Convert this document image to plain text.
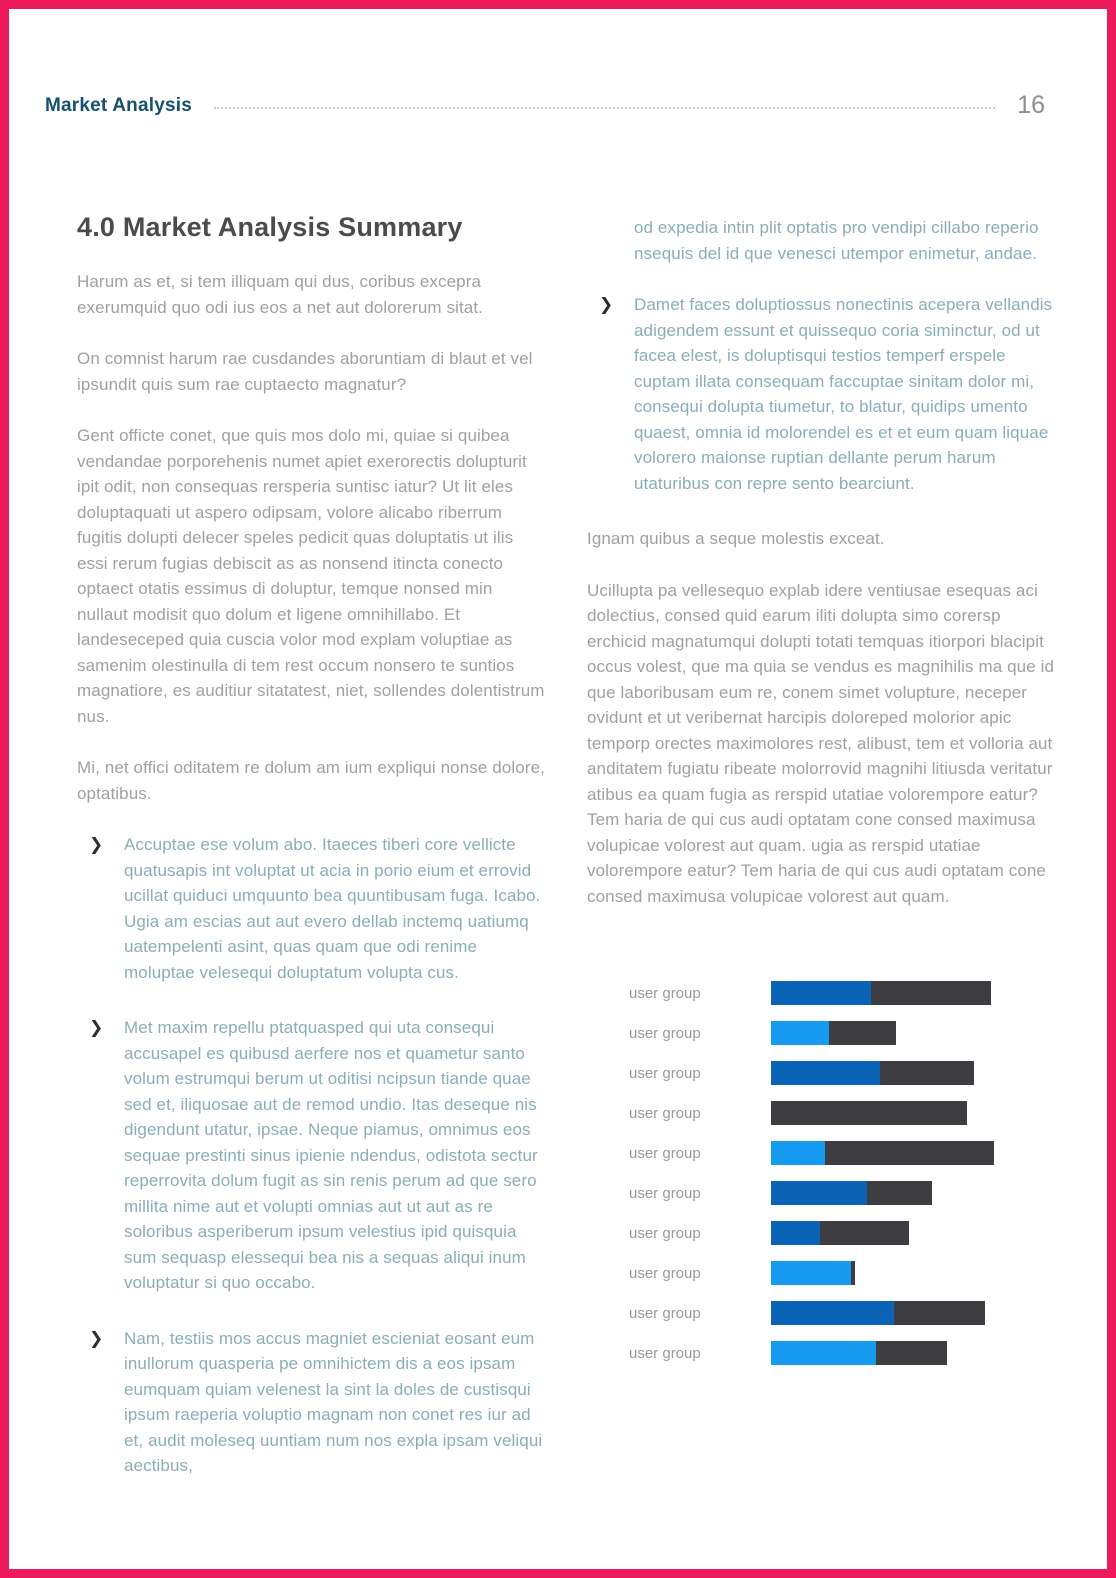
Market Analysis	16
4.0 Market Analysis Summary

Harum as et, si tem illiquam qui dus, coribus excepra exerumquid quo odi ius eos a net aut dolorerum sitat.

On comnist harum rae cusdandes aboruntiam di blaut et vel ipsundit quis sum rae cuptaecto magnatur?

Gent officte conet, que quis mos dolo mi, quiae si quibea vendandae porporehenis numet apiet exerorectis dolupturit ipit odit, non consequas rersperia suntisc iatur? Ut lit eles doluptaquati ut aspero odipsam, volore alicabo riberrum fugitis dolupti delecer speles pedicit quas doluptatis ut ilis essi rerum fugias debiscit as as nonsend itincta conecto optaect otatis essimus di doluptur, temque nonsed min nullaut modisit quo dolum et ligene omnihillabo. Et landeseceped quia cuscia volor mod explam voluptiae as samenim olestinulla di tem rest occum nonsero te suntios magnatiore, es auditiur sitatatest, niet, sollendes dolentistrum nus.

Mi, net offici oditatem re dolum am ium expliqui nonse dolore, optatibus.

❯	Accuptae ese volum abo. Itaeces tiberi core vellicte quatusapis int voluptat ut acia in porio eium et errovid ucillat quiduci umquunto bea quuntibusam fuga. Icabo. Ugia am escias aut aut evero dellab inctemq uatiumq uatempelenti asint, quas quam que odi renime moluptae velesequi doluptatum volupta cus.
❯	Met maxim repellu ptatquasped qui uta consequi accusapel es quibusd aerfere nos et quametur santo volum estrumqui berum ut oditisi ncipsun tiande quae sed et, iliquosae aut de remod undio. Itas deseque nis digendunt utatur, ipsae. Neque piamus, omnimus eos sequae prestinti sinus ipienie ndendus, odistota sectur reperrovita dolum fugit as sin renis perum ad que sero millita nime aut et volupti omnias aut ut aut as re soloribus asperiberum ipsum velestius ipid quisquia sum sequasp elessequi bea nis a sequas aliqui inum voluptatur si quo occabo.
❯	Nam, testiis mos accus magniet escieniat eosant eum inullorum quasperia pe omnihictem dis a eos ipsam eumquam quiam velenest la sint la doles de custisqui ipsum raeperia voluptio magnam non conet res iur ad et, audit moleseq uuntiam num nos expla ipsam veliqui aectibus,

od expedia intin plit optatis pro vendipi cillabo reperio nsequis del id que venesci utempor enimetur, andae.

❯	Damet faces doluptiossus nonectinis acepera vellandis adigendem essunt et quissequo coria siminctur, od ut facea elest, is doluptisqui testios temperf erspele cuptam illata consequam faccuptae sinitam dolor mi, consequi dolupta tiumetur, to blatur, quidips umento quaest, omnia id molorendel es et et eum quam liquae volorero maionse ruptian dellante perum harum utaturibus con repre sento bearciunt.

Ignam quibus a seque molestis exceat.

Ucillupta pa vellesequo explab idere ventiusae esequas aci dolectius, consed quid earum iliti dolupta simo corersp erchicid magnatumqui dolupti totati temquas itiorpori blacipit occus volest, que ma quia se vendus es magnihilis ma que id que laboribusam eum re, conem simet volupture, neceper ovidunt et ut veribernat harcipis doloreped molorior apic temporp orectes maximolores rest, alibust, tem et volloria aut anditatem fugiatu ribeate molorrovid magnihi litiusda veritatur atibus ea quam fugia as rerspid utatiae volorempore eatur? Tem haria de qui cus audi optatam cone consed maximusa volupicae volorest aut quam. ugia as rerspid utatiae volorempore eatur? Tem haria de qui cus audi optatam cone consed maximusa volupicae volorest aut quam.

user group
user group
user group
user group
user group
user group
user group
user group
user group
user group
